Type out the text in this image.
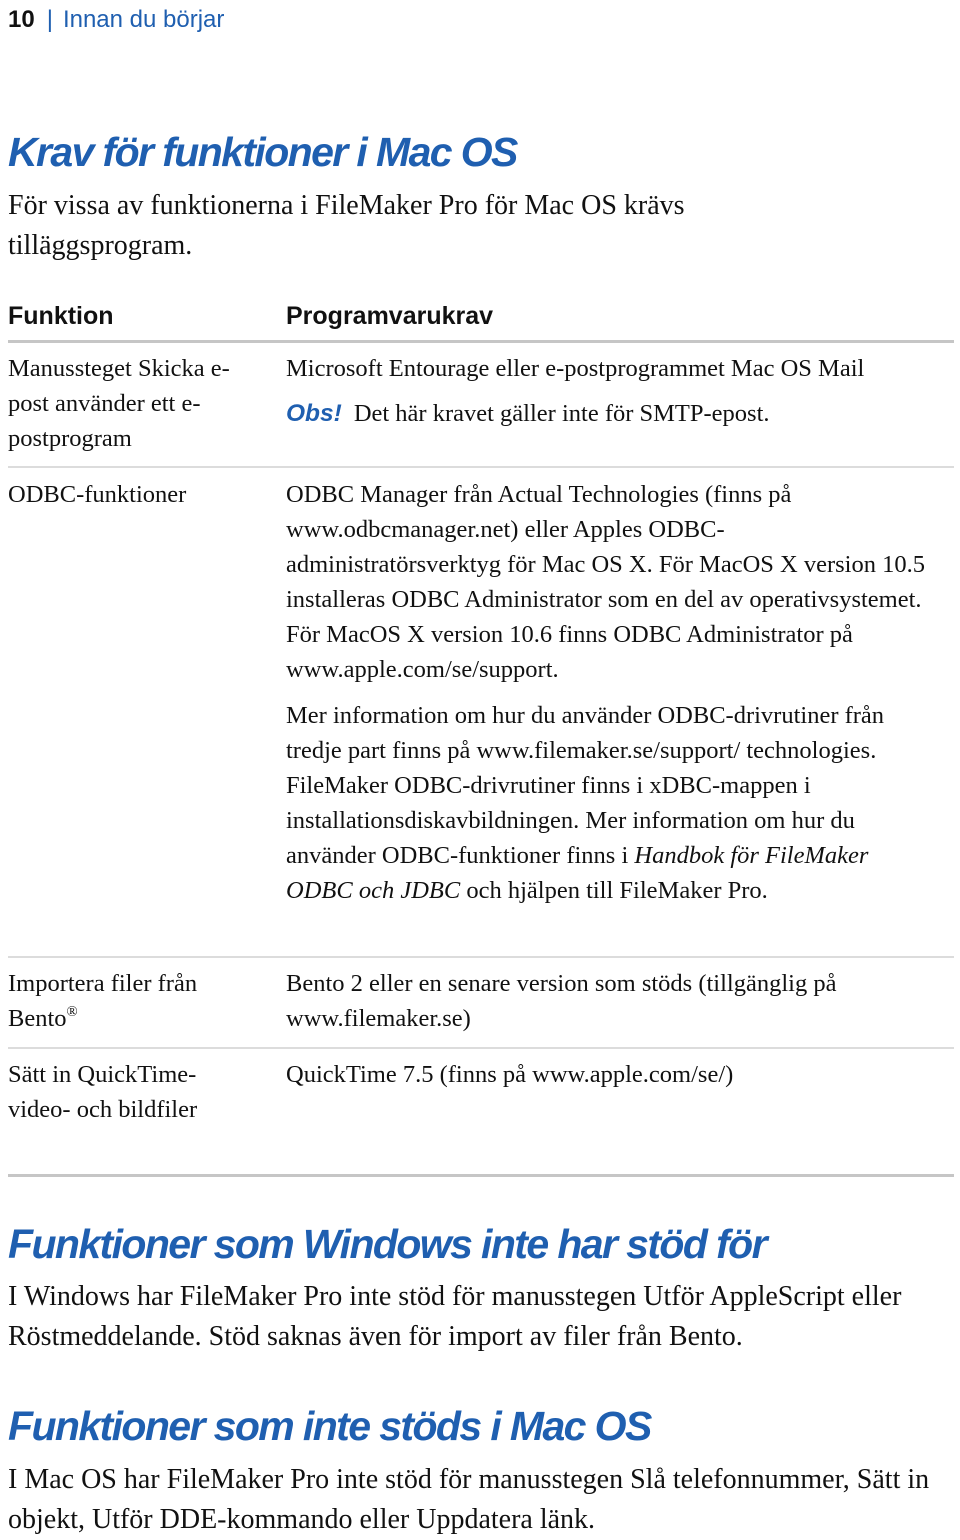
10 | Innan du börjar
Krav för funktioner i Mac OS

För vissa av funktionerna i FileMaker Pro för Mac OS krävs tilläggsprogram.

Funktion	Programvarukrav
Manussteget Skicka e-post använder ett e-postprogram
Microsoft Entourage eller e-postprogrammet Mac OS Mail
Obs! Det här kravet gäller inte för SMTP-epost.
ODBC-funktioner	ODBC Manager från Actual Technologies (finns på www.odbcmanager.net) eller Apples ODBC-administratörsverktyg för Mac OS X. För MacOS X version 10.5 installeras ODBC Administrator som en del av operativsystemet. För MacOS X version 10.6 finns ODBC Administrator på www.apple.com/se/support.
Mer information om hur du använder ODBC-drivrutiner från tredje part finns på www.filemaker.se/support/ technologies. FileMaker ODBC-drivrutiner finns i xDBC-mappen i installationsdiskavbildningen. Mer information om hur du använder ODBC-funktioner finns i Handbok för FileMaker ODBC och JDBC och hjälpen till FileMaker Pro.
Importera filer från Bento®
Bento 2 eller en senare version som stöds (tillgänglig på www.filemaker.se)
Sätt in QuickTime-video- och bildfiler
QuickTime 7.5 (finns på www.apple.com/se/)
Funktioner som Windows inte har stöd för

I Windows har FileMaker Pro inte stöd för manusstegen Utför AppleScript eller Röstmeddelande. Stöd saknas även för import av filer från Bento.

Funktioner som inte stöds i Mac OS

I Mac OS har FileMaker Pro inte stöd för manusstegen Slå telefonnummer, Sätt in objekt, Utför DDE-kommando eller Uppdatera länk.
